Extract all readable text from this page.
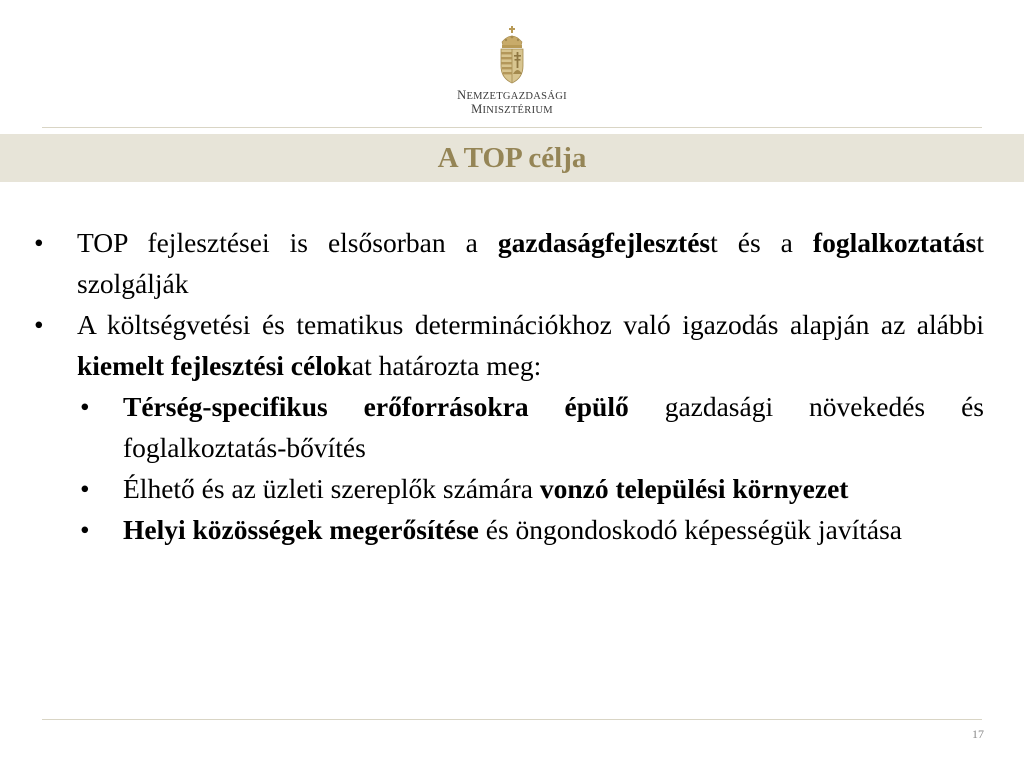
NEMZETGAZDASÁGI
MINISZTÉRIUM
A TOP célja
•	TOP fejlesztései is elsősorban a gazdaságfejlesztést és a foglalkoztatást szolgálják
•	A költségvetési és tematikus determinációkhoz való igazodás alapján az alábbi kiemelt fejlesztési célokat határozta meg:
•	Térség-specifikus erőforrásokra épülő gazdasági növekedés és foglalkoztatás-bővítés
•	Élhető és az üzleti szereplők számára vonzó települési környezet
•	Helyi közösségek megerősítése és öngondoskodó képességük javítása
17
